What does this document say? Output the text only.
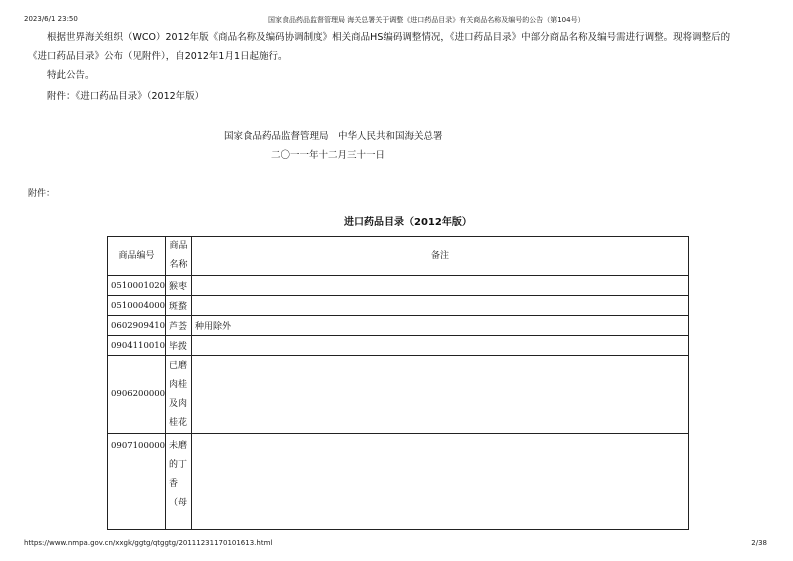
2023/6/1 23:50	国家食品药品监督管理局 海关总署关于调整《进口药品目录》有关商品名称及编号的公告（第104号）
根据世界海关组织（WCO）2012年版《商品名称及编码协调制度》相关商品HS编码调整情况，《进口药品目录》中部分商品名称及编号需进行调整。现将调整后的
《进口药品目录》公布（见附件），自2012年1月1日起施行。
特此公告。
附件：《进口药品目录》（2012年版）
国家食品药品监督管理局　中华人民共和国海关总署
二〇一一年十二月三十一日
附件：
进口药品目录（2012年版）
商品编号	商品名称	备注
0510001020	猴枣	
0510004000	斑蝥	
0602909410	芦荟	种用除外
0904110010	毕拨	
0906200000	已磨肉桂及肉桂花	
0907100000	未磨的丁香（母	
https://www.nmpa.gov.cn/xxgk/ggtg/qtggtg/20111231170101613.html	2/38
